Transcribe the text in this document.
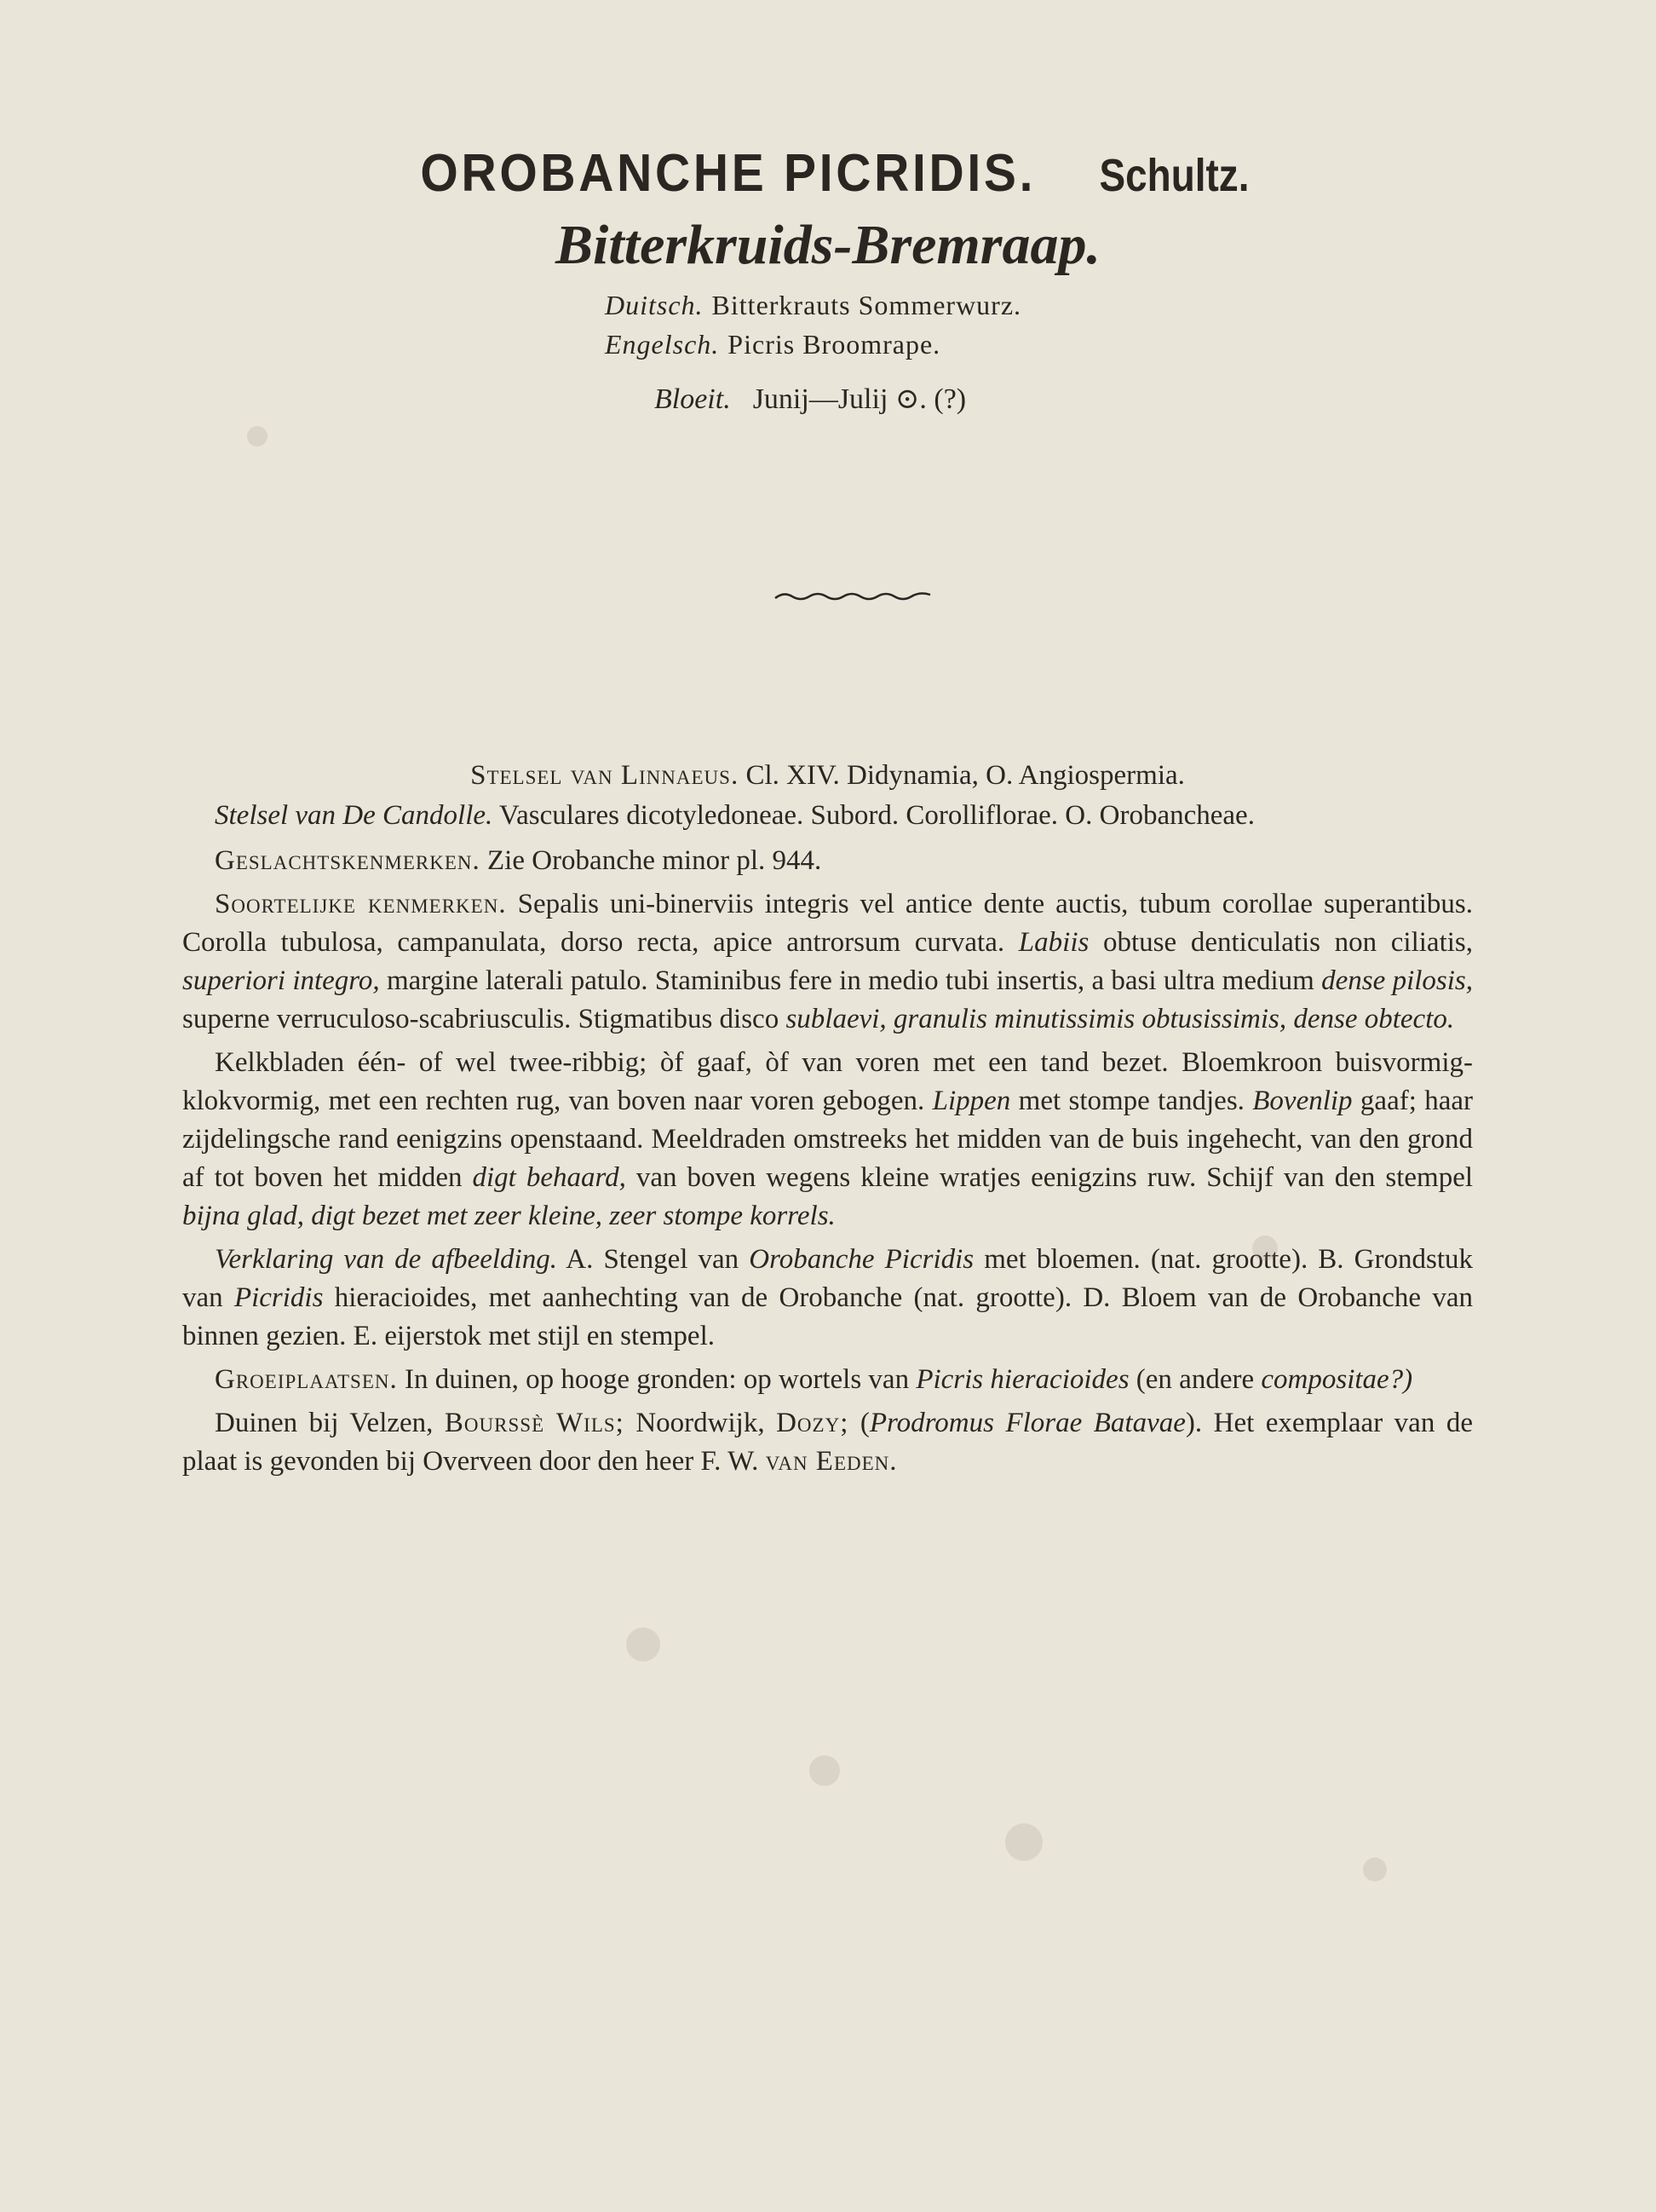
OROBANCHE PICRIDIS. Schultz.
Bitterkruids-Bremraap.
Duitsch. Bitterkrauts Sommerwurz.
Engelsch. Picris Broomrape.
Bloeit. Junij—Julij ⊙. (?)

Stelsel van Linnaeus. Cl. XIV. Didynamia, O. Angiospermia.

Stelsel van De Candolle. Vasculares dicotyledoneae. Subord. Corolliflorae. O. Orobancheae.

Geslachtskenmerken. Zie Orobanche minor pl. 944.

Soortelijke kenmerken. Sepalis uni-binerviis integris vel antice dente auctis, tubum corollae superantibus. Corolla tubulosa, campanulata, dorso recta, apice antrorsum curvata. Labiis obtuse denticulatis non ciliatis, superiori integro, margine laterali patulo. Staminibus fere in medio tubi insertis, a basi ultra medium dense pilosis, superne verruculoso-scabriusculis. Stigmatibus disco sublaevi, granulis minutissimis obtusissimis, dense obtecto.

Kelkbladen één- of wel twee-ribbig; òf gaaf, òf van voren met een tand bezet. Bloemkroon buisvormig-klokvormig, met een rechten rug, van boven naar voren gebogen. Lippen met stompe tandjes. Bovenlip gaaf; haar zijdelingsche rand eenigzins openstaand. Meeldraden omstreeks het midden van de buis ingehecht, van den grond af tot boven het midden digt behaard, van boven wegens kleine wratjes eenigzins ruw. Schijf van den stempel bijna glad, digt bezet met zeer kleine, zeer stompe korrels.

Verklaring van de afbeelding. A. Stengel van Orobanche Picridis met bloemen. (nat. grootte). B. Grondstuk van Picridis hieracioides, met aanhechting van de Orobanche (nat. grootte). D. Bloem van de Orobanche van binnen gezien. E. eijerstok met stijl en stempel.

Groeiplaatsen. In duinen, op hooge gronden: op wortels van Picris hieracioides (en andere compositae?)

Duinen bij Velzen, Bourssè Wils; Noordwijk, Dozy; (Prodromus Florae Batavae). Het exemplaar van de plaat is gevonden bij Overveen door den heer F. W. van Eeden.
